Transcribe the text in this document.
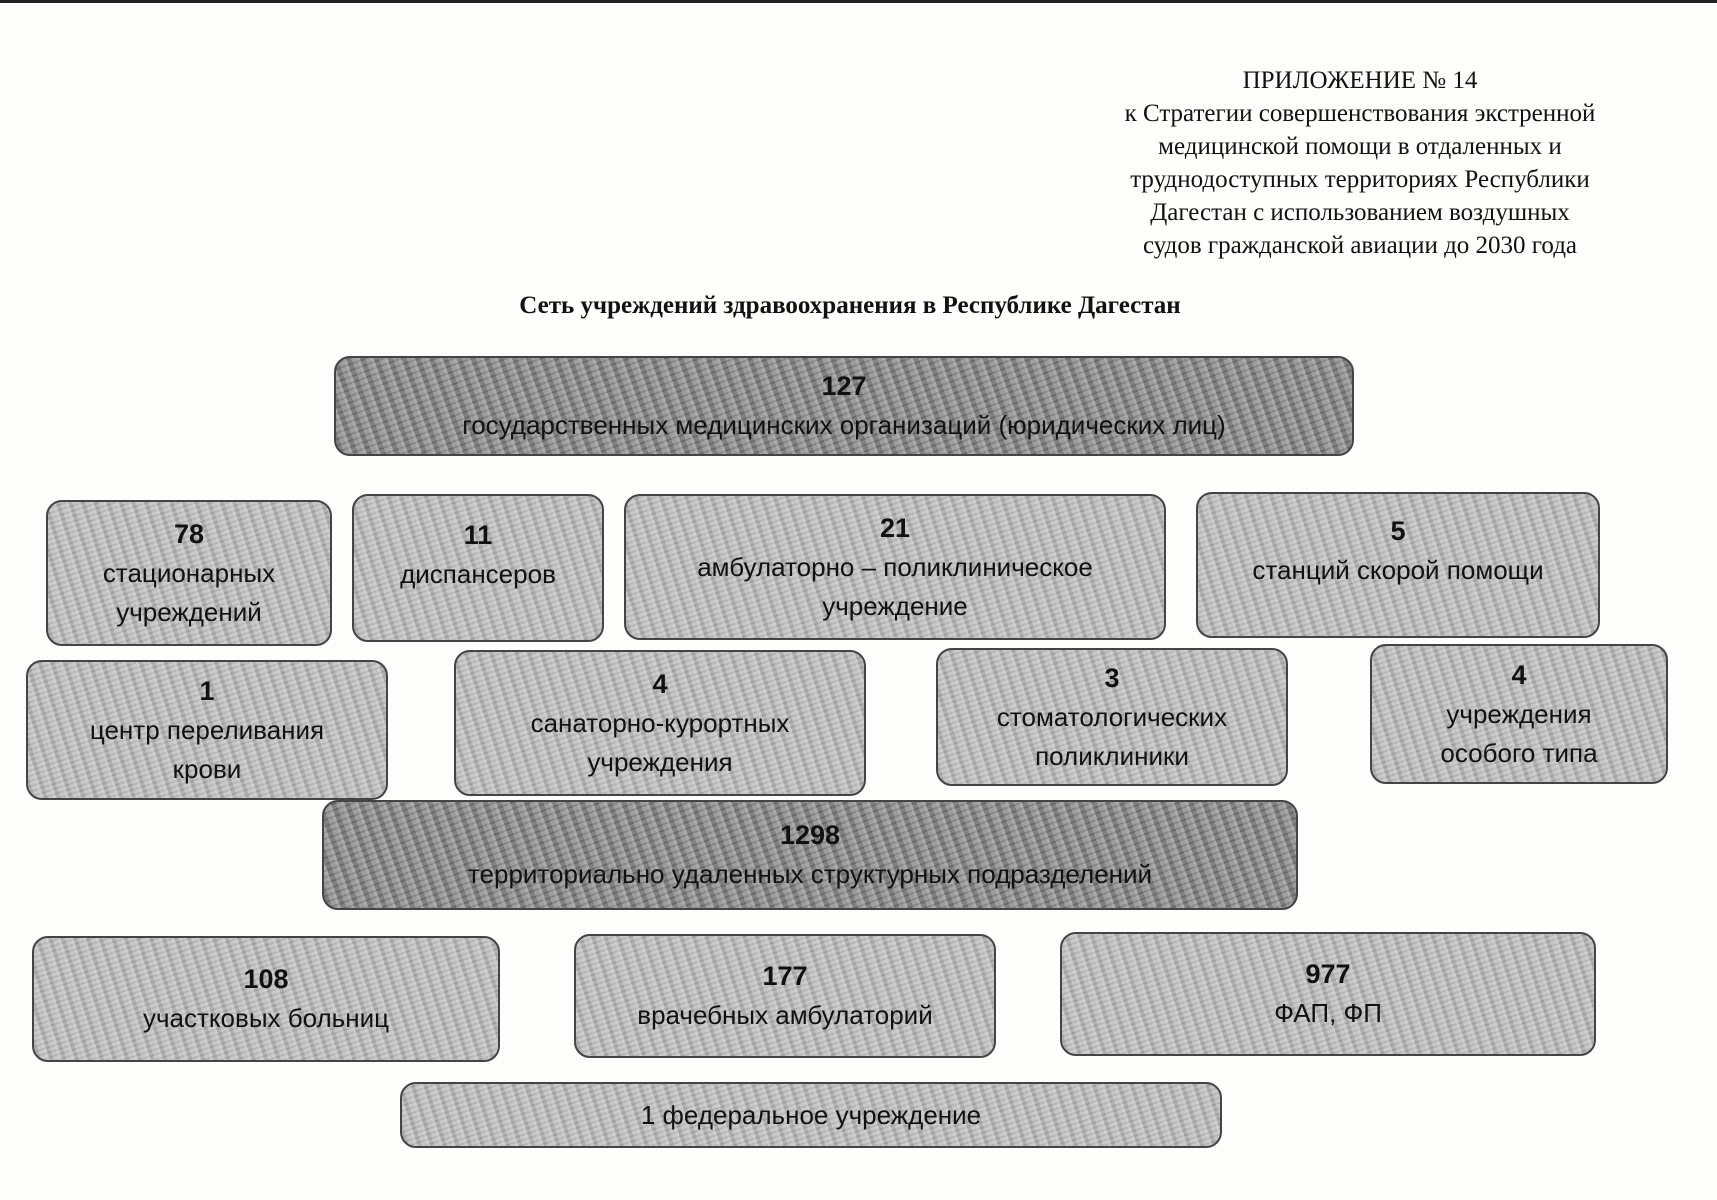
ПРИЛОЖЕНИЕ № 14
к Стратегии совершенствования экстренной
медицинской помощи в отдаленных и
труднодоступных территориях Республики
Дагестан с использованием воздушных
судов гражданской авиации до 2030 года
Сеть учреждений здравоохранения в Республике Дагестан
127
государственных медицинских организаций (юридических лиц)
78
стационарных
учреждений
11
диспансеров
21
амбулаторно – поликлиническое
учреждение
5
станций скорой помощи
1
центр переливания
крови
4
санаторно-курортных
учреждения
3
стоматологических
поликлиники
4
учреждения
особого типа
1298
территориально удаленных структурных подразделений
108
участковых больниц
177
врачебных амбулаторий
977
ФАП, ФП
1 федеральное учреждение
